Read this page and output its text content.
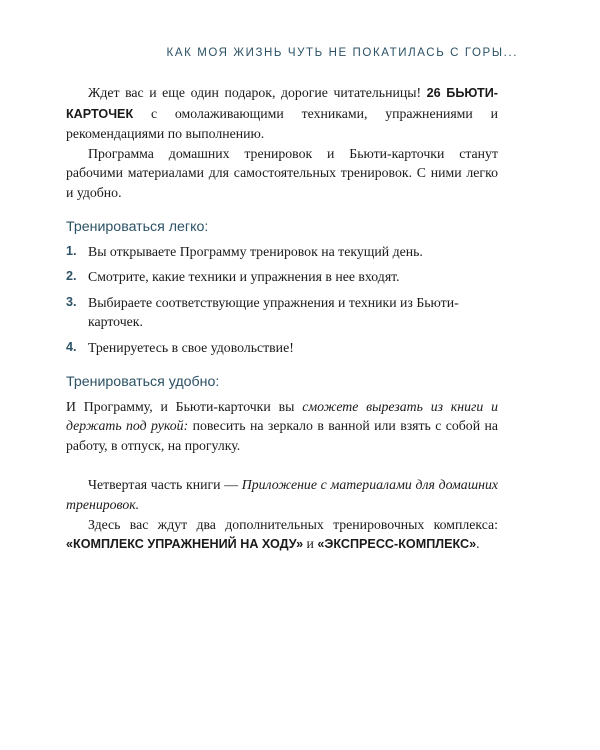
КАК МОЯ ЖИЗНЬ ЧУТЬ НЕ ПОКАТИЛАСЬ С ГОРЫ...

Ждет вас и еще один подарок, дорогие читательницы! 26 БЬЮТИ-КАРТОЧЕК с омолаживающими техниками, упражнениями и рекомендациями по выполнению.

Программа домашних тренировок и Бьюти-карточки станут рабочими материалами для самостоятельных тренировок. С ними легко и удобно.

Тренироваться легко:
1. Вы открываете Программу тренировок на текущий день.
2. Смотрите, какие техники и упражнения в нее входят.
3. Выбираете соответствующие упражнения и техники из Бьюти-карточек.
4. Тренируетесь в свое удовольствие!
Тренироваться удобно:

И Программу, и Бьюти-карточки вы сможете вырезать из книги и держать под рукой: повесить на зеркало в ванной или взять с собой на работу, в отпуск, на прогулку.

Четвертая часть книги — Приложение с материалами для домашних тренировок.

Здесь вас ждут два дополнительных тренировочных комплекса: «КОМПЛЕКС УПРАЖНЕНИЙ НА ХОДУ» и «ЭКСПРЕСС-КОМПЛЕКС».
